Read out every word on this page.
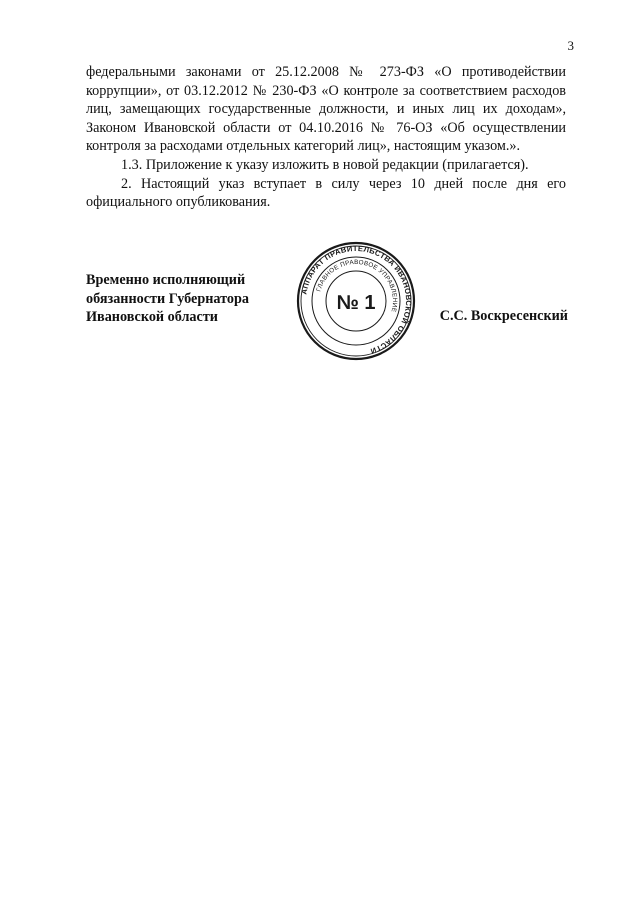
3

федеральными законами от 25.12.2008 № 273-ФЗ «О противодействии коррупции», от 03.12.2012 № 230-ФЗ «О контроле за соответствием расходов лиц, замещающих государственные должности, и иных лиц их доходам», Законом Ивановской области от 04.10.2016 № 76-ОЗ «Об осуществлении контроля за расходами отдельных категорий лиц», настоящим указом.».

1.3. Приложение к указу изложить в новой редакции (прилагается).

2. Настоящий указ вступает в силу через 10 дней после дня его официального опубликования.

Временно исполняющий
обязанности Губернатора
Ивановской области
АППАРАТ ПРАВИТЕЛЬСТВА ИВАНОВСКОЙ ОБЛАСТИ
ГЛАВНОЕ ПРАВОВОЕ УПРАВЛЕНИЕ
№ 1
С.С. Воскресенский
